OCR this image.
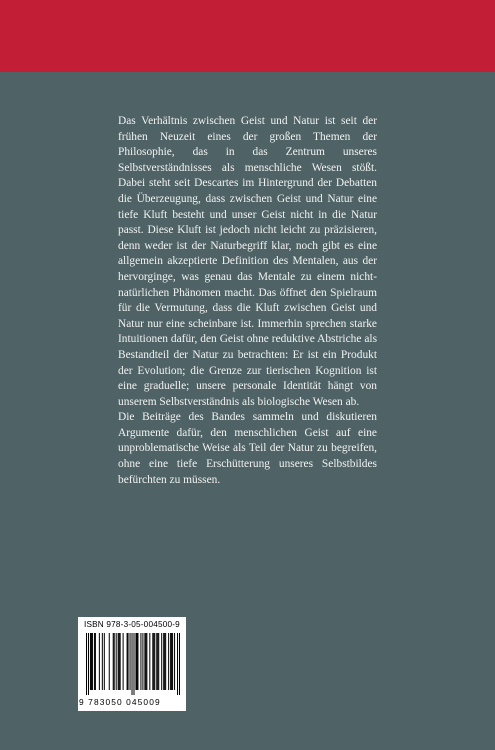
Das Verhältnis zwischen Geist und Natur ist seit der frühen Neuzeit eines der großen Themen der Philosophie, das in das Zentrum unseres Selbstverständnisses als menschliche Wesen stößt. Dabei steht seit Descartes im Hintergrund der Debatten die Überzeugung, dass zwischen Geist und Natur eine tiefe Kluft besteht und unser Geist nicht in die Natur passt. Diese Kluft ist jedoch nicht leicht zu präzisieren, denn weder ist der Naturbegriff klar, noch gibt es eine allgemein akzeptierte Definition des Mentalen, aus der hervorginge, was genau das Mentale zu einem nicht-natürlichen Phänomen macht. Das öffnet den Spielraum für die Vermutung, dass die Kluft zwischen Geist und Natur nur eine scheinbare ist. Immerhin sprechen starke Intuitionen dafür, den Geist ohne reduktive Abstriche als Bestandteil der Natur zu betrachten: Er ist ein Produkt der Evolution; die Grenze zur tierischen Kognition ist eine graduelle; unsere personale Identität hängt von unserem Selbstverständnis als biologische Wesen ab.

Die Beiträge des Bandes sammeln und diskutieren Argumente dafür, den menschlichen Geist auf eine unproblematische Weise als Teil der Natur zu begreifen, ohne eine tiefe Erschütterung unseres Selbstbildes befürchten zu müssen.

ISBN 978-3-05-004500-9
9 783050 045009
